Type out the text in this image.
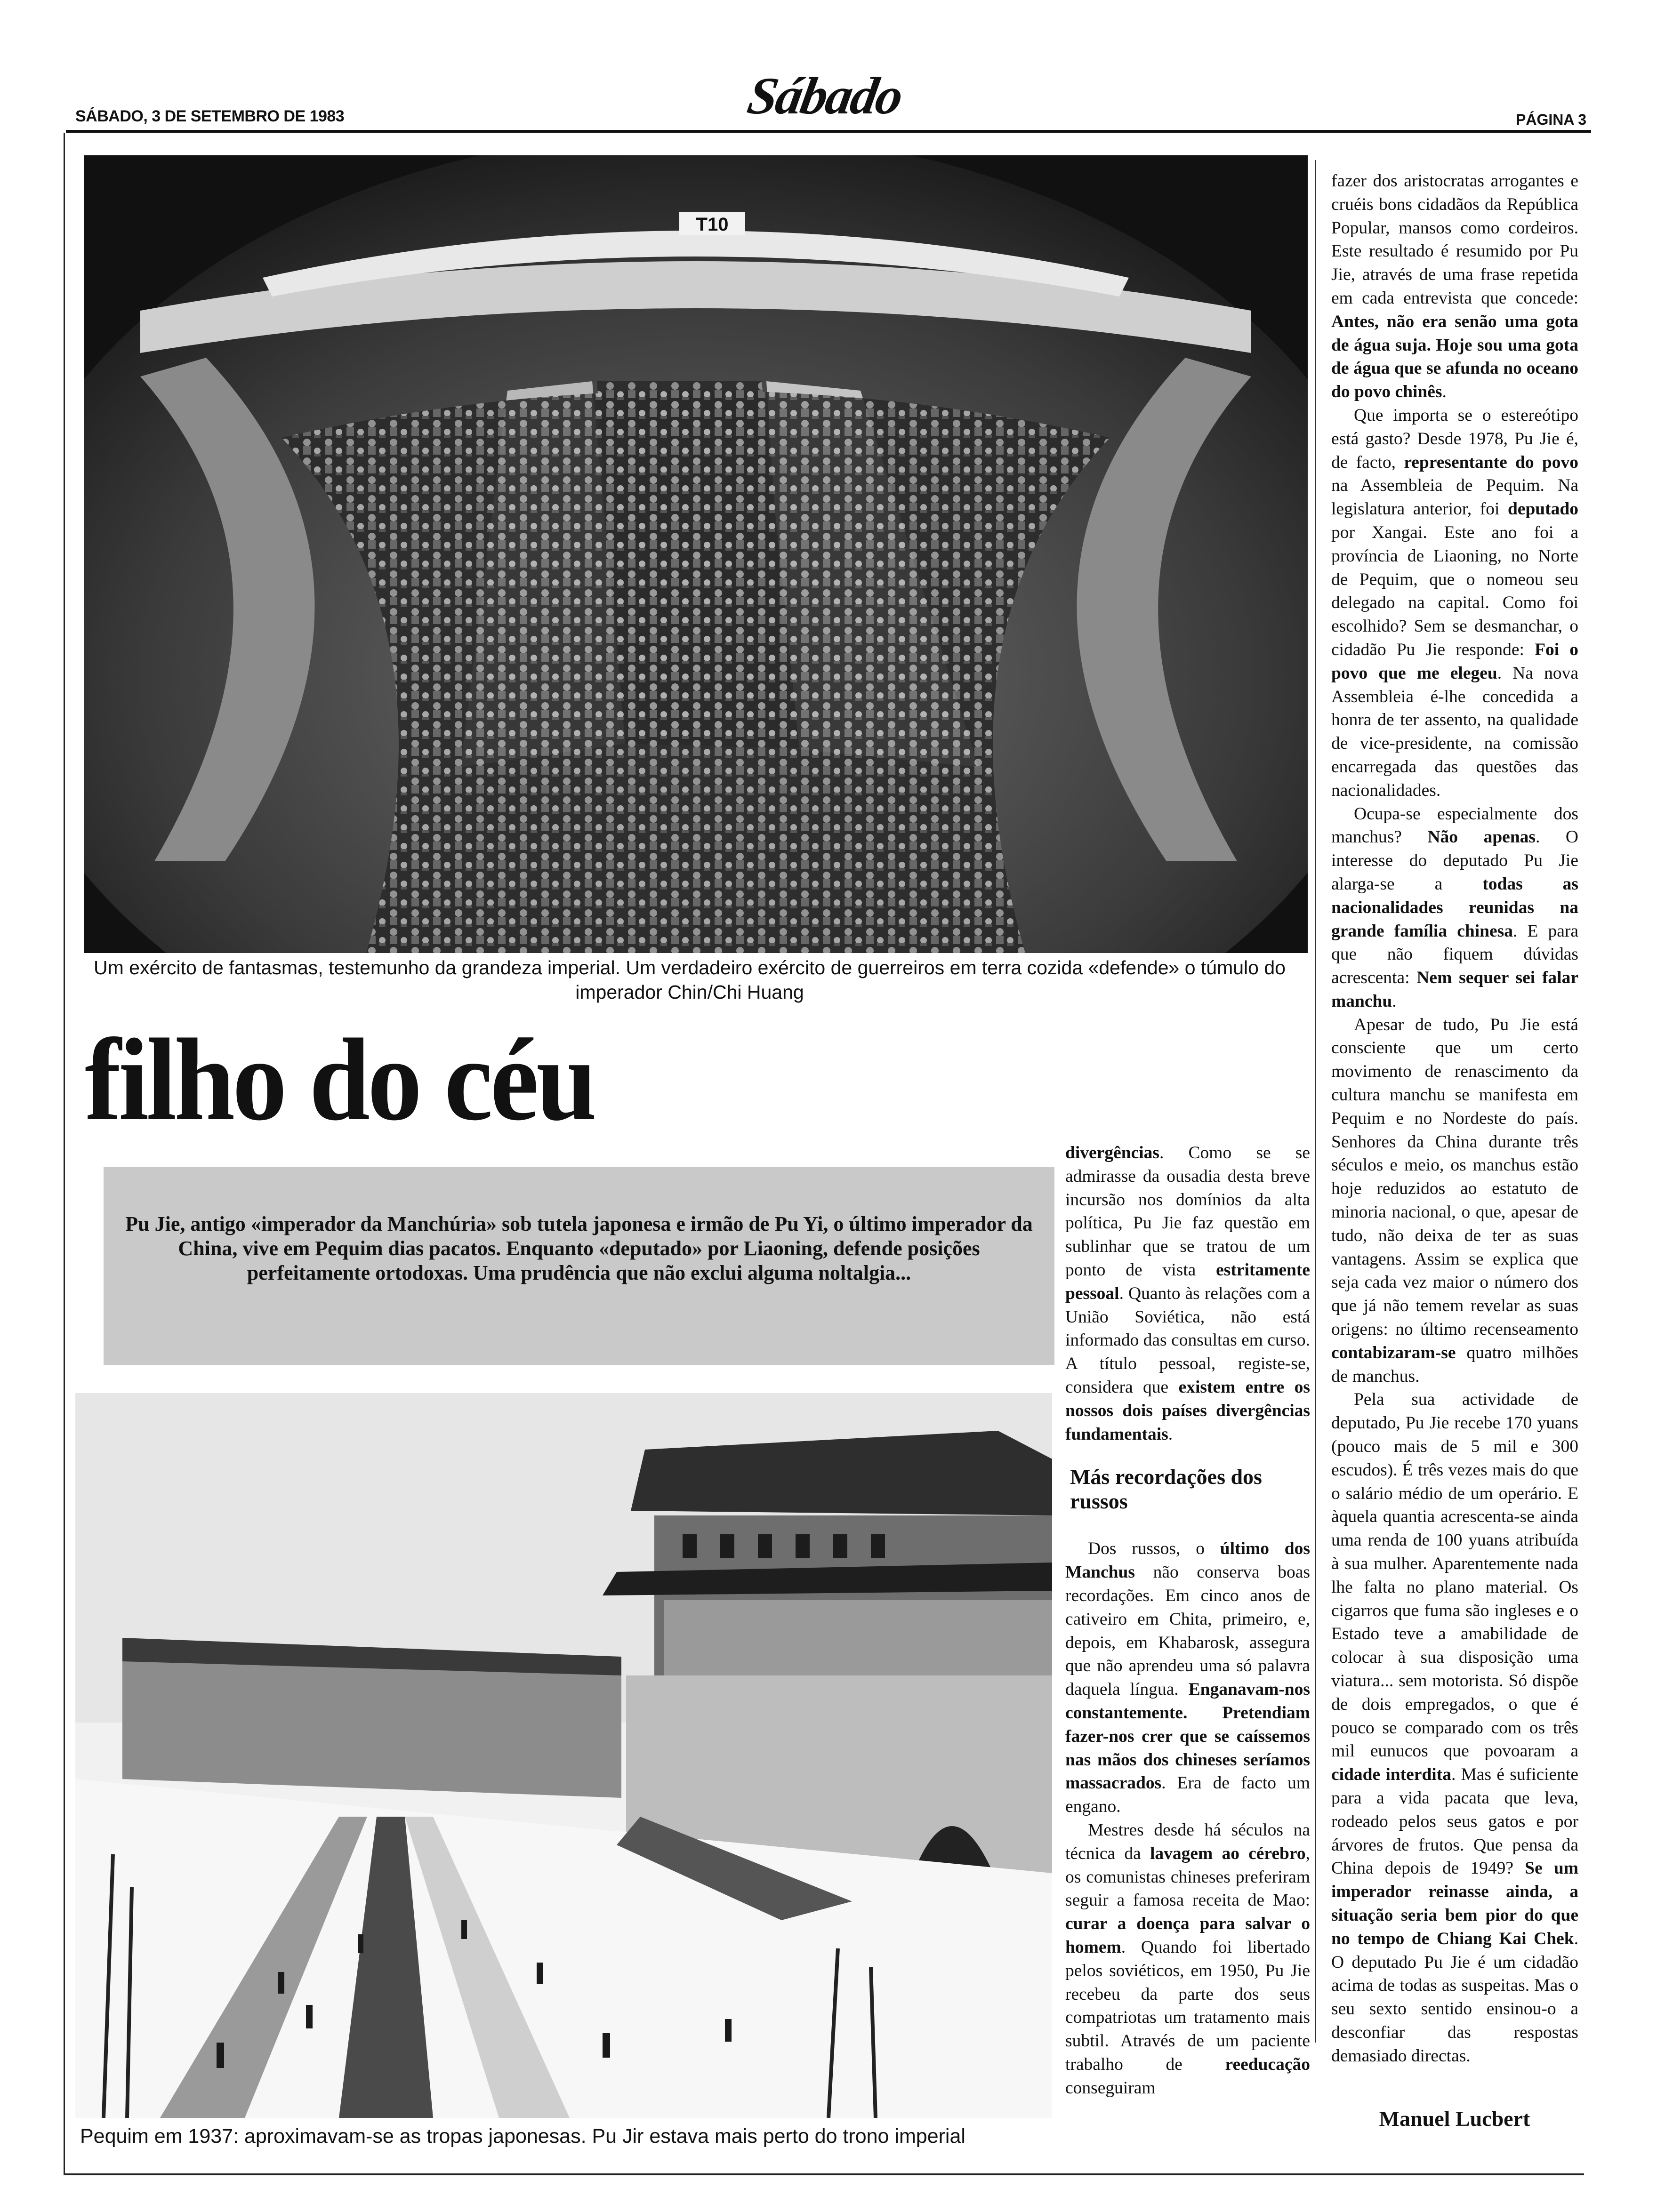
SÁBADO, 3 DE SETEMBRO DE 1983	Sábado	PÁGINA 3
T10
Um exército de fantasmas, testemunho da grandeza imperial. Um verdadeiro exército de guerreiros em terra cozida «defende» o túmulo do imperador Chin/Chi Huang
filho do céu
Pu Jie, antigo «imperador da Manchúria» sob tutela japonesa e irmão de Pu Yi, o último imperador da China, vive em Pequim dias pacatos. Enquanto «deputado» por Liaoning, defende posições perfeitamente ortodoxas. Uma prudência que não exclui alguma noltalgia...
Pequim em 1937: aproximavam-se as tropas japonesas. Pu Jir estava mais perto do trono imperial

divergências. Como se se admirasse da ousadia desta breve incursão nos domínios da alta política, Pu Jie faz questão em sublinhar que se tratou de um ponto de vista estritamente pessoal. Quanto às relações com a União Soviética, não está informado das consultas em curso. A título pessoal, registe-se, considera que existem entre os nossos dois países divergências fundamentais.

Más recordações dos russos

Dos russos, o último dos Manchus não conserva boas recordações. Em cinco anos de cativeiro em Chita, primeiro, e, depois, em Khabarosk, assegura que não aprendeu uma só palavra daquela língua. Enganavam-nos constantemente. Pretendiam fazer-nos crer que se caíssemos nas mãos dos chineses seríamos massacrados. Era de facto um engano.

Mestres desde há séculos na técnica da lavagem ao cérebro, os comunistas chineses preferiram seguir a famosa receita de Mao: curar a doença para salvar o homem. Quando foi libertado pelos soviéticos, em 1950, Pu Jie recebeu da parte dos seus compatriotas um tratamento mais subtil. Através de um paciente trabalho de reeducação conseguiram

fazer dos aristocratas arrogantes e cruéis bons cidadãos da República Popular, mansos como cordeiros. Este resultado é resumido por Pu Jie, através de uma frase repetida em cada entrevista que concede: Antes, não era senão uma gota de água suja. Hoje sou uma gota de água que se afunda no oceano do povo chinês.

Que importa se o estereótipo está gasto? Desde 1978, Pu Jie é, de facto, representante do povo na Assembleia de Pequim. Na legislatura anterior, foi deputado por Xangai. Este ano foi a província de Liaoning, no Norte de Pequim, que o nomeou seu delegado na capital. Como foi escolhido? Sem se desmanchar, o cidadão Pu Jie responde: Foi o povo que me elegeu. Na nova Assembleia é-lhe concedida a honra de ter assento, na qualidade de vice-presidente, na comissão encarregada das questões das nacionalidades.

Ocupa-se especialmente dos manchus? Não apenas. O interesse do deputado Pu Jie alarga-se a todas as nacionalidades reunidas na grande família chinesa. E para que não fiquem dúvidas acrescenta: Nem sequer sei falar manchu.

Apesar de tudo, Pu Jie está consciente que um certo movimento de renascimento da cultura manchu se manifesta em Pequim e no Nordeste do país. Senhores da China durante três séculos e meio, os manchus estão hoje reduzidos ao estatuto de minoria nacional, o que, apesar de tudo, não deixa de ter as suas vantagens. Assim se explica que seja cada vez maior o número dos que já não temem revelar as suas origens: no último recenseamento contabizaram-se quatro milhões de manchus.

Pela sua actividade de deputado, Pu Jie recebe 170 yuans (pouco mais de 5 mil e 300 escudos). É três vezes mais do que o salário médio de um operário. E àquela quantia acrescenta-se ainda uma renda de 100 yuans atribuída à sua mulher. Aparentemente nada lhe falta no plano material. Os cigarros que fuma são ingleses e o Estado teve a amabilidade de colocar à sua disposição uma viatura... sem motorista. Só dispõe de dois empregados, o que é pouco se comparado com os três mil eunucos que povoaram a cidade interdita. Mas é suficiente para a vida pacata que leva, rodeado pelos seus gatos e por árvores de frutos. Que pensa da China depois de 1949? Se um imperador reinasse ainda, a situação seria bem pior do que no tempo de Chiang Kai Chek. O deputado Pu Jie é um cidadão acima de todas as suspeitas. Mas o seu sexto sentido ensinou-o a desconfiar das respostas demasiado directas.

Manuel Lucbert
